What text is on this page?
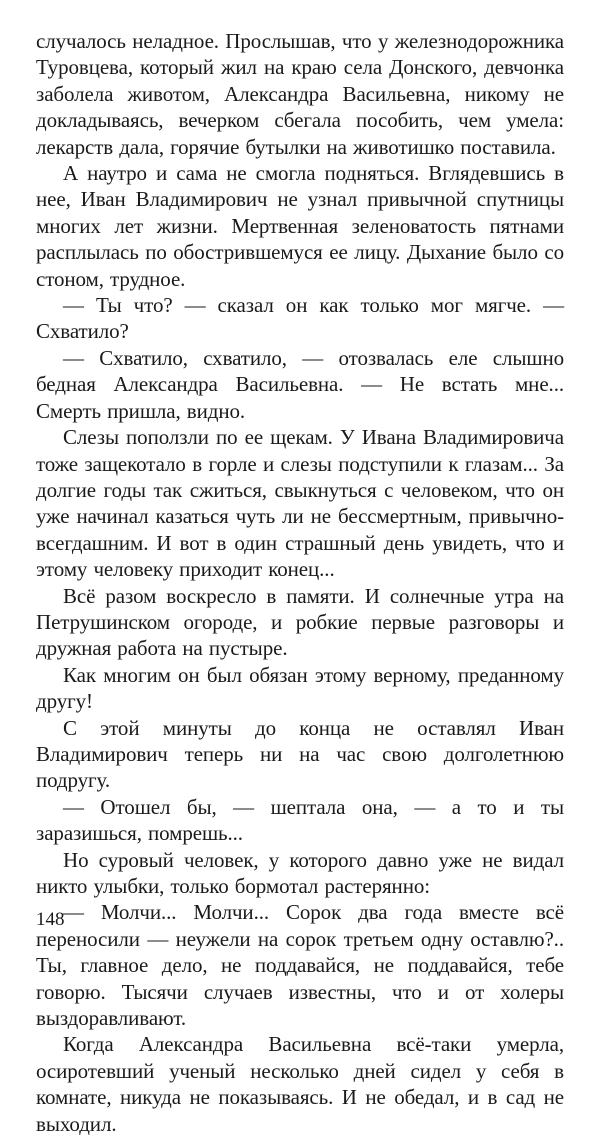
случалось неладное. Прослышав, что у железнодорожника Туровцева, который жил на краю села Донского, девчонка заболела животом, Александра Васильевна, никому не докладываясь, вечерком сбегала пособить, чем умела: лекарств дала, горячие бутылки на животишко поставила.

А наутро и сама не смогла подняться. Вглядевшись в нее, Иван Владимирович не узнал привычной спутницы многих лет жизни. Мертвенная зеленоватость пятнами расплылась по обострившемуся ее лицу. Дыхание было со стоном, трудное.

— Ты что? — сказал он как только мог мягче. — Схватило?

— Схватило, схватило, — отозвалась еле слышно бедная Александра Васильевна. — Не встать мне... Смерть пришла, видно.

Слезы поползли по ее щекам. У Ивана Владимировича тоже защекотало в горле и слезы подступили к глазам... За долгие годы так сжиться, свыкнуться с человеком, что он уже начинал казаться чуть ли не бессмертным, привычно-всегдашним. И вот в один страшный день увидеть, что и этому человеку приходит конец...

Всё разом воскресло в памяти. И солнечные утра на Петрушинском огороде, и робкие первые разговоры и дружная работа на пустыре.

Как многим он был обязан этому верному, преданному другу!

С этой минуты до конца не оставлял Иван Владимирович теперь ни на час свою долголетнюю подругу.

— Отошел бы, — шептала она, — а то и ты заразишься, помрешь...

Но суровый человек, у которого давно уже не видал никто улыбки, только бормотал растерянно:

— Молчи... Молчи... Сорок два года вместе всё переносили — неужели на сорок третьем одну оставлю?.. Ты, главное дело, не поддавайся, не поддавайся, тебе говорю. Тысячи случаев известны, что и от холеры выздоравливают.

Когда Александра Васильевна всё-таки умерла, осиротевший ученый несколько дней сидел у себя в комнате, никуда не показываясь. И не обедал, и в сад не выходил.

148
